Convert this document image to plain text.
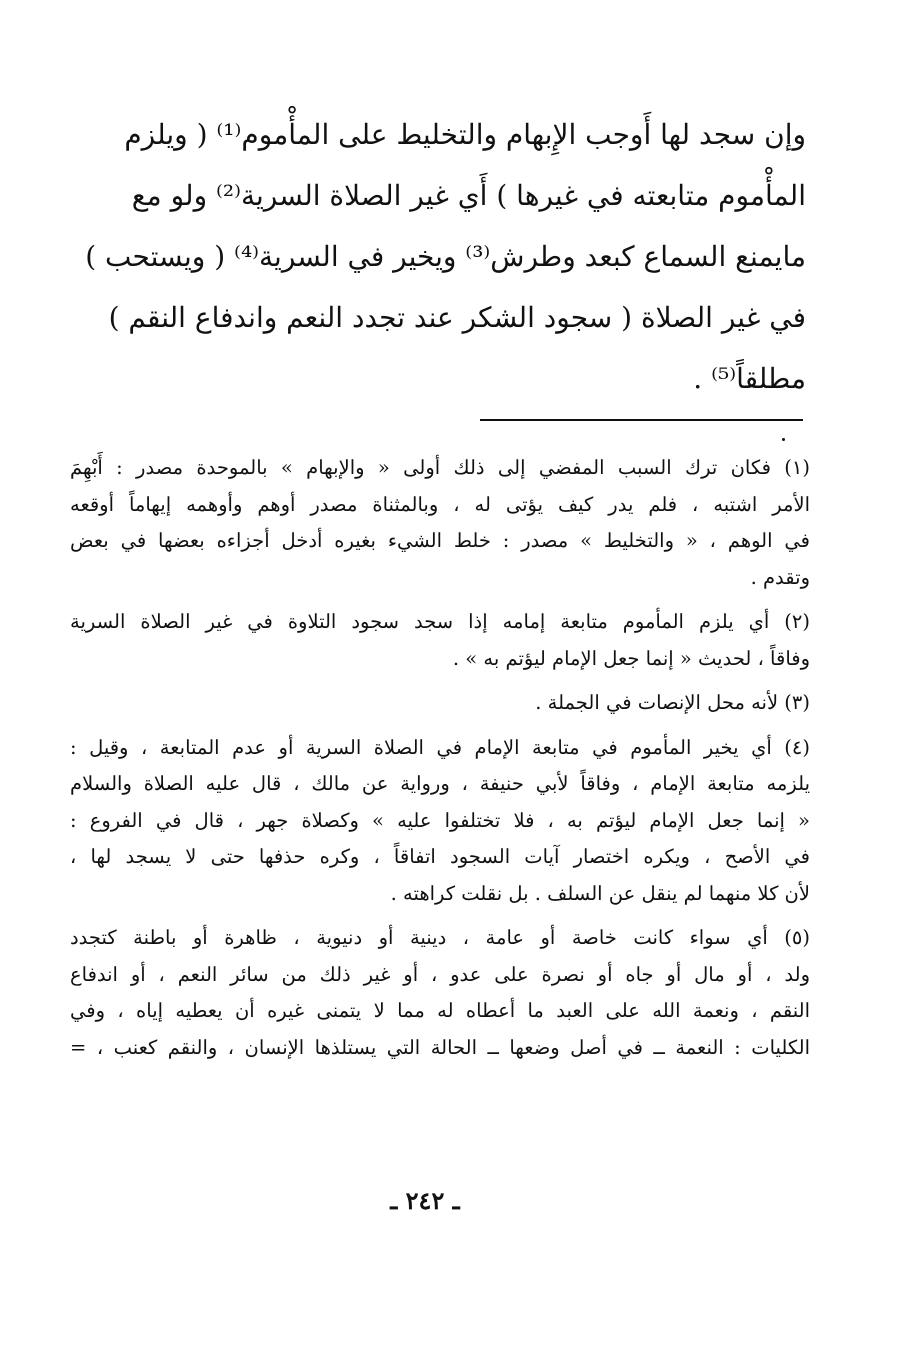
وإن سجد لها أَوجب الإِبهام والتخليط على المأْموم⁽¹⁾ ( ويلزم
المأْموم متابعته في غيرها ) أَي غير الصلاة السرية⁽²⁾ ولو مع
مايمنع السماع كبعد وطرش⁽³⁾ ويخير في السرية⁽⁴⁾ ( ويستحب )
في غير الصلاة ( سجود الشكر عند تجدد النعم واندفاع النقم )
مطلقاً⁽⁵⁾ .
(١) فكان ترك السبب المفضي إلى ذلك أولى « والإبهام » بالموحدة مصدر : أَبْهِمَ
الأمر اشتبه ، فلم يدر كيف يؤتى له ، وبالمثناة مصدر أوهم وأوهمه إيهاماً أوقعه
في الوهم ، « والتخليط » مصدر : خلط الشيء بغيره أدخل أجزاءه بعضها في بعض
وتقدم .
(٢) أي يلزم المأموم متابعة إمامه إذا سجد سجود التلاوة في غير الصلاة السرية
وفاقاً ، لحديث « إنما جعل الإمام ليؤتم به » .
(٣) لأنه محل الإنصات في الجملة .
(٤) أي يخير المأموم في متابعة الإمام في الصلاة السرية أو عدم المتابعة ، وقيل :
يلزمه متابعة الإمام ، وفاقاً لأبي حنيفة ، ورواية عن مالك ، قال عليه الصلاة والسلام
« إنما جعل الإمام ليؤتم به ، فلا تختلفوا عليه » وكصلاة جهر ، قال في الفروع :
في الأصح ، ويكره اختصار آيات السجود اتفاقاً ، وكره حذفها حتى لا يسجد لها ،
لأن كلا منهما لم ينقل عن السلف . بل نقلت كراهته .
(٥) أي سواء كانت خاصة أو عامة ، دينية أو دنيوية ، ظاهرة أو باطنة كتجدد
ولد ، أو مال أو جاه أو نصرة على عدو ، أو غير ذلك من سائر النعم ، أو اندفاع
النقم ، ونعمة الله على العبد ما أعطاه له مما لا يتمنى غيره أن يعطيه إياه ، وفي
الكليات : النعمة ــ في أصل وضعها ــ الحالة التي يستلذها الإنسان ، والنقم كعنب ، =
ـ ٢٤٢ ـ
